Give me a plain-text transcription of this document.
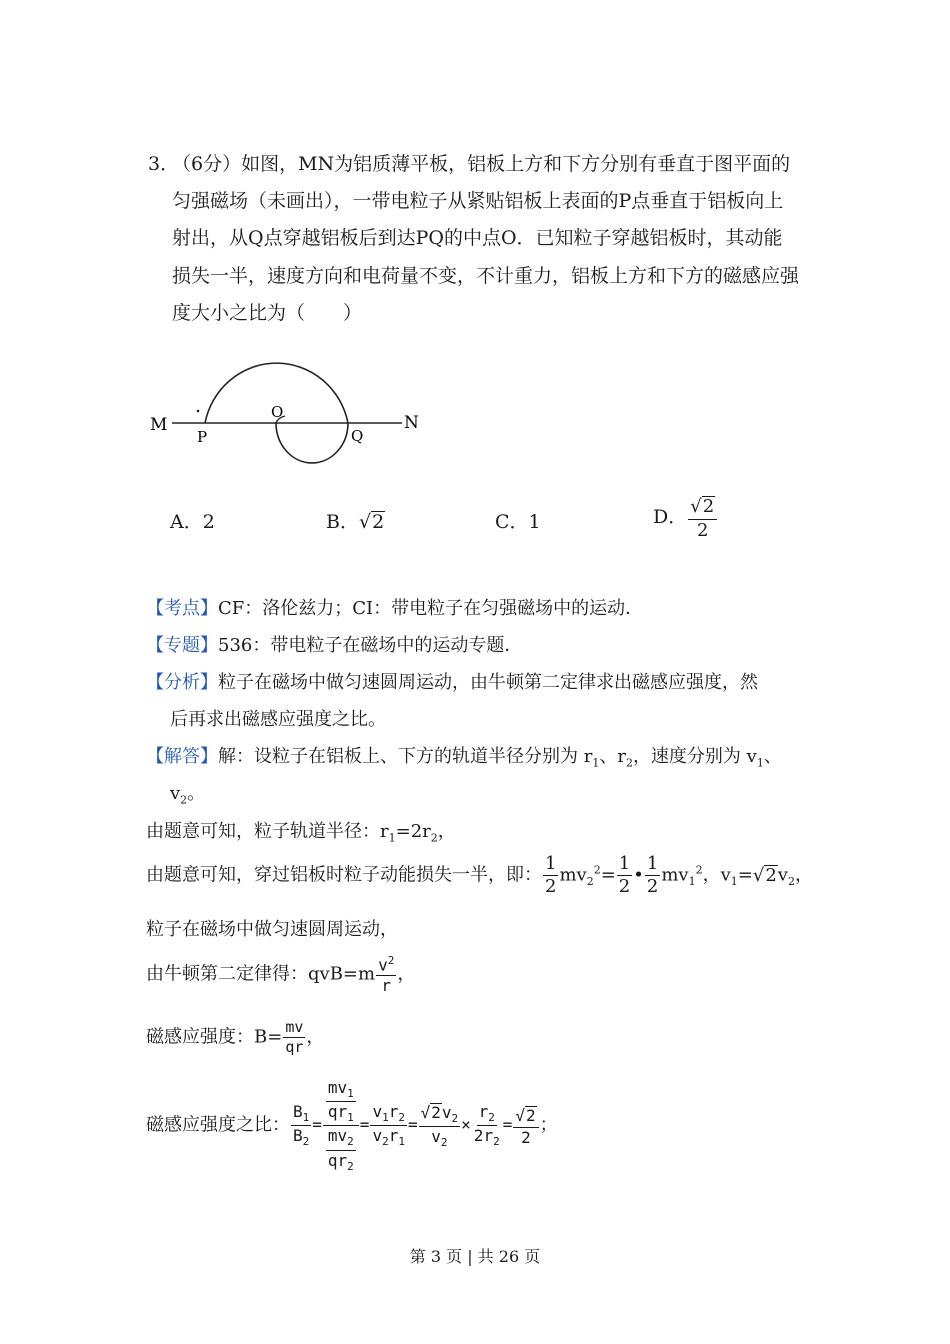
3．
（6分）如图，MN为铝质薄平板，铝板上方和下方分别有垂直于图平面的
匀强磁场（未画出），一带电粒子从紧贴铝板上表面的P点垂直于铝板向上
射出，从Q点穿越铝板后到达PQ的中点O．已知粒子穿越铝板时，其动能
损失一半，速度方向和电荷量不变，不计重力，铝板上方和下方的磁感应强
度大小之比为（　　）
M	N
P	Q
O
A．2	B．√2	C．1	D． $\frac{√2}{2}$
【考点】CF：洛伦兹力；CI：带电粒子在匀强磁场中的运动．
【专题】536：带电粒子在磁场中的运动专题．
【分析】粒子在磁场中做匀速圆周运动，由牛顿第二定律求出磁感应强度，然
后再求出磁感应强度之比。
【解答】解：设粒子在铝板上、下方的轨道半径分别为 $r_1$、$r_2$，速度分别为 $v_1$、
$v_2$。
由题意可知，粒子轨道半径：$r_1=2r_2$，
由题意可知，穿过铝板时粒子动能损失一半，即： $\frac{1}{2} mv_2^2= \frac{1}{2}$ • $\frac{1}{2} mv_1^2$，$v_1=√2v_2$，
粒子在磁场中做匀速圆周运动，
由牛顿第二定律得：$qvB=m \frac{v^2}{r}$ ，
磁感应强度：$B= \frac{mv}{qr}$ ，
磁感应强度之比： $\frac{B_1}{B_2} = \frac{\frac{mv_1}{qr_1}}{\frac{mv_2}{qr_2}} = \frac{v_1r_2}{v_2r_1} = \frac{√2v_2}{v_2} \times \frac{r_2}{2r_2} = \frac{√2}{2}$ ；
第 3 页 | 共 26 页
